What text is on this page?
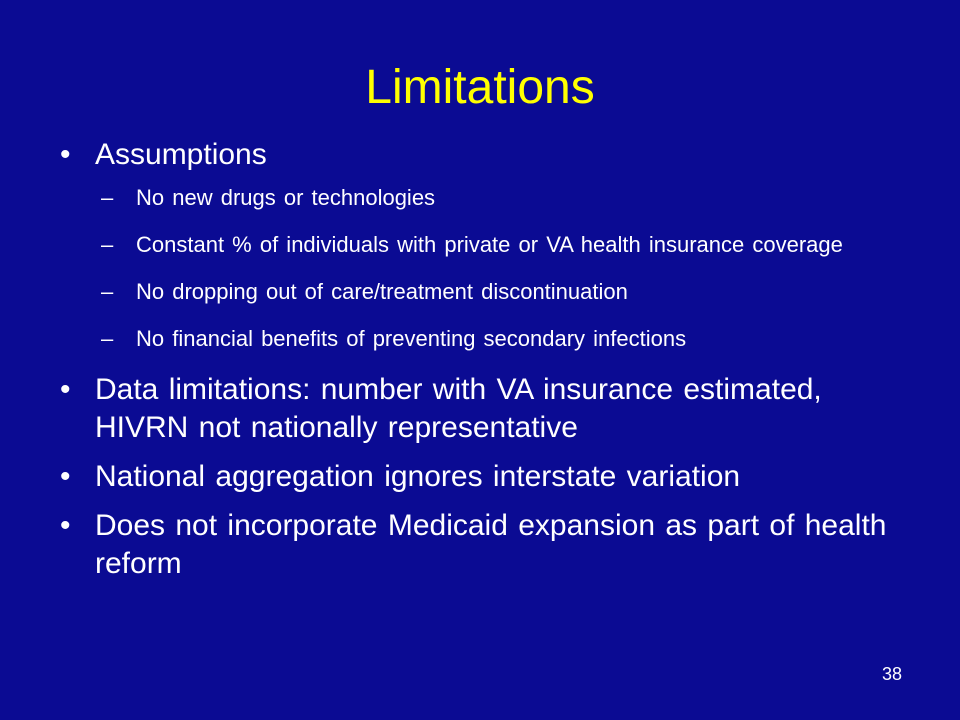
Limitations
• Assumptions
– No new drugs or technologies
– Constant % of individuals with private or VA health insurance coverage
– No dropping out of care/treatment discontinuation
– No financial benefits of preventing secondary infections
• Data limitations: number with VA insurance estimated, HIVRN not nationally representative
• National aggregation ignores interstate variation
• Does not incorporate Medicaid expansion as part of health reform
38
